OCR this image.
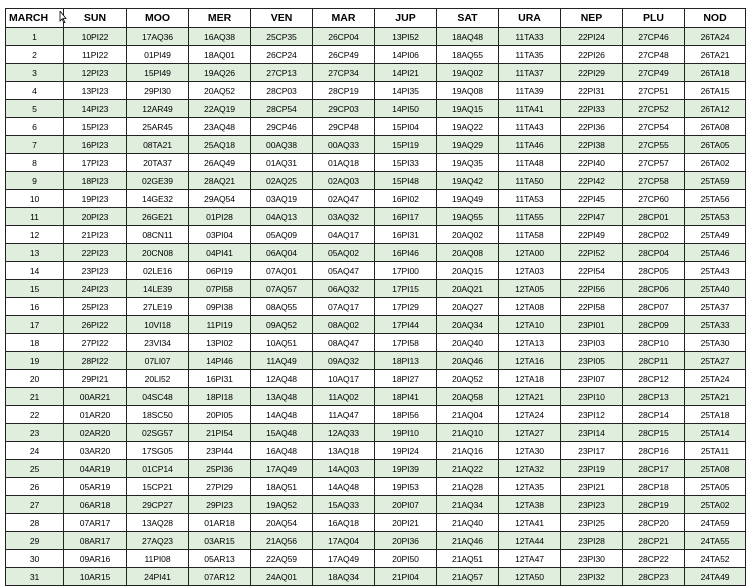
MARCH	SUN	MOO	MER	VEN	MAR	JUP	SAT	URA	NEP	PLU	NOD
1	10PI22	17AQ36	16AQ38	25CP35	26CP04	13PI52	18AQ48	11TA33	22PI24	27CP46	26TA24
2	11PI22	01PI49	18AQ01	26CP24	26CP49	14PI06	18AQ55	11TA35	22PI26	27CP48	26TA21
3	12PI23	15PI49	19AQ26	27CP13	27CP34	14PI21	19AQ02	11TA37	22PI29	27CP49	26TA18
4	13PI23	29PI30	20AQ52	28CP03	28CP19	14PI35	19AQ08	11TA39	22PI31	27CP51	26TA15
5	14PI23	12AR49	22AQ19	28CP54	29CP03	14PI50	19AQ15	11TA41	22PI33	27CP52	26TA12
6	15PI23	25AR45	23AQ48	29CP46	29CP48	15PI04	19AQ22	11TA43	22PI36	27CP54	26TA08
7	16PI23	08TA21	25AQ18	00AQ38	00AQ33	15PI19	19AQ29	11TA46	22PI38	27CP55	26TA05
8	17PI23	20TA37	26AQ49	01AQ31	01AQ18	15PI33	19AQ35	11TA48	22PI40	27CP57	26TA02
9	18PI23	02GE39	28AQ21	02AQ25	02AQ03	15PI48	19AQ42	11TA50	22PI42	27CP58	25TA59
10	19PI23	14GE32	29AQ54	03AQ19	02AQ47	16PI02	19AQ49	11TA53	22PI45	27CP60	25TA56
11	20PI23	26GE21	01PI28	04AQ13	03AQ32	16PI17	19AQ55	11TA55	22PI47	28CP01	25TA53
12	21PI23	08CN11	03PI04	05AQ09	04AQ17	16PI31	20AQ02	11TA58	22PI49	28CP02	25TA49
13	22PI23	20CN08	04PI41	06AQ04	05AQ02	16PI46	20AQ08	12TA00	22PI52	28CP04	25TA46
14	23PI23	02LE16	06PI19	07AQ01	05AQ47	17PI00	20AQ15	12TA03	22PI54	28CP05	25TA43
15	24PI23	14LE39	07PI58	07AQ57	06AQ32	17PI15	20AQ21	12TA05	22PI56	28CP06	25TA40
16	25PI23	27LE19	09PI38	08AQ55	07AQ17	17PI29	20AQ27	12TA08	22PI58	28CP07	25TA37
17	26PI22	10VI18	11PI19	09AQ52	08AQ02	17PI44	20AQ34	12TA10	23PI01	28CP09	25TA33
18	27PI22	23VI34	13PI02	10AQ51	08AQ47	17PI58	20AQ40	12TA13	23PI03	28CP10	25TA30
19	28PI22	07LI07	14PI46	11AQ49	09AQ32	18PI13	20AQ46	12TA16	23PI05	28CP11	25TA27
20	29PI21	20LI52	16PI31	12AQ48	10AQ17	18PI27	20AQ52	12TA18	23PI07	28CP12	25TA24
21	00AR21	04SC48	18PI18	13AQ48	11AQ02	18PI41	20AQ58	12TA21	23PI10	28CP13	25TA21
22	01AR20	18SC50	20PI05	14AQ48	11AQ47	18PI56	21AQ04	12TA24	23PI12	28CP14	25TA18
23	02AR20	02SG57	21PI54	15AQ48	12AQ33	19PI10	21AQ10	12TA27	23PI14	28CP15	25TA14
24	03AR20	17SG05	23PI44	16AQ48	13AQ18	19PI24	21AQ16	12TA30	23PI17	28CP16	25TA11
25	04AR19	01CP14	25PI36	17AQ49	14AQ03	19PI39	21AQ22	12TA32	23PI19	28CP17	25TA08
26	05AR19	15CP21	27PI29	18AQ51	14AQ48	19PI53	21AQ28	12TA35	23PI21	28CP18	25TA05
27	06AR18	29CP27	29PI23	19AQ52	15AQ33	20PI07	21AQ34	12TA38	23PI23	28CP19	25TA02
28	07AR17	13AQ28	01AR18	20AQ54	16AQ18	20PI21	21AQ40	12TA41	23PI25	28CP20	24TA59
29	08AR17	27AQ23	03AR15	21AQ56	17AQ04	20PI36	21AQ46	12TA44	23PI28	28CP21	24TA55
30	09AR16	11PI08	05AR13	22AQ59	17AQ49	20PI50	21AQ51	12TA47	23PI30	28CP22	24TA52
31	10AR15	24PI41	07AR12	24AQ01	18AQ34	21PI04	21AQ57	12TA50	23PI32	28CP23	24TA49
